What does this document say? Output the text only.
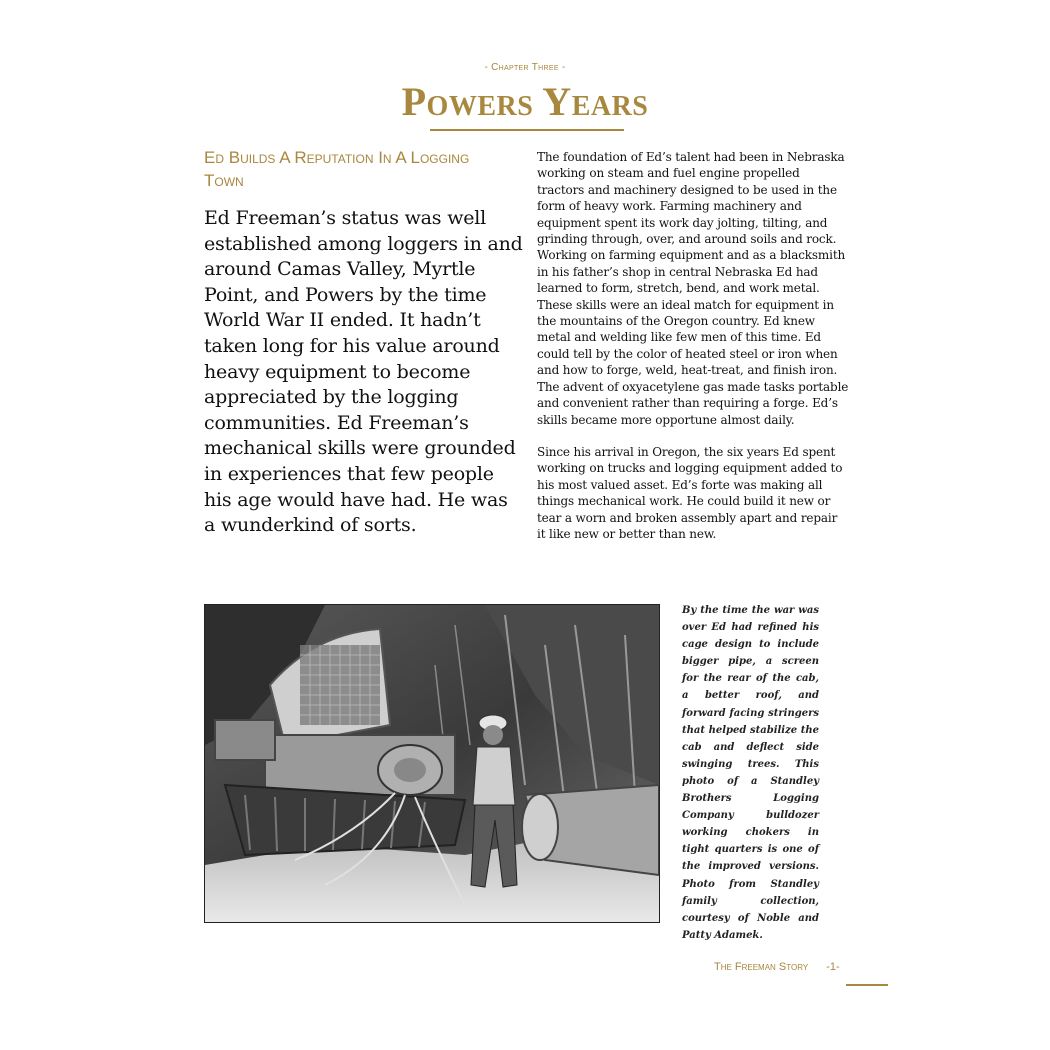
- Chapter Three -
Powers Years
Ed Builds A Reputation In A Logging Town
Ed Freeman’s status was well established among loggers in and around Camas Valley, Myrtle Point, and Powers by the time World War II ended. It hadn’t taken long for his value around heavy equipment to become appreciated by the logging communities. Ed Freeman’s mechanical skills were grounded in experiences that few people his age would have had. He was a wunderkind of sorts.

The foundation of Ed’s talent had been in Nebraska working on steam and fuel engine propelled tractors and machinery designed to be used in the form of heavy work. Farming machinery and equipment spent its work day jolting, tilting, and grinding through, over, and around soils and rock. Working on farming equipment and as a blacksmith in his father’s shop in central Nebraska Ed had learned to form, stretch, bend, and work metal. These skills were an ideal match for equipment in the mountains of the Oregon country. Ed knew metal and welding like few men of this time. Ed could tell by the color of heated steel or iron when and how to forge, weld, heat-treat, and finish iron. The advent of oxyacetylene gas made tasks portable and convenient rather than requiring a forge. Ed’s skills became more opportune almost daily.

Since his arrival in Oregon, the six years Ed spent working on trucks and logging equipment added to his most valued asset. Ed’s forte was making all things mechanical work. He could build it new or tear a worn and broken assembly apart and repair it like new or better than new.

By the time the war was over Ed had refined his cage design to include bigger pipe, a screen for the rear of the cab, a better roof, and forward facing stringers that helped stabilize the cab and deflect side swinging trees. This photo of a Standley Brothers Logging Company bulldozer working chokers in tight quarters is one of the improved versions. Photo from Standley family collection, courtesy of Noble and Patty Adamek.
The Freeman Story -1-
